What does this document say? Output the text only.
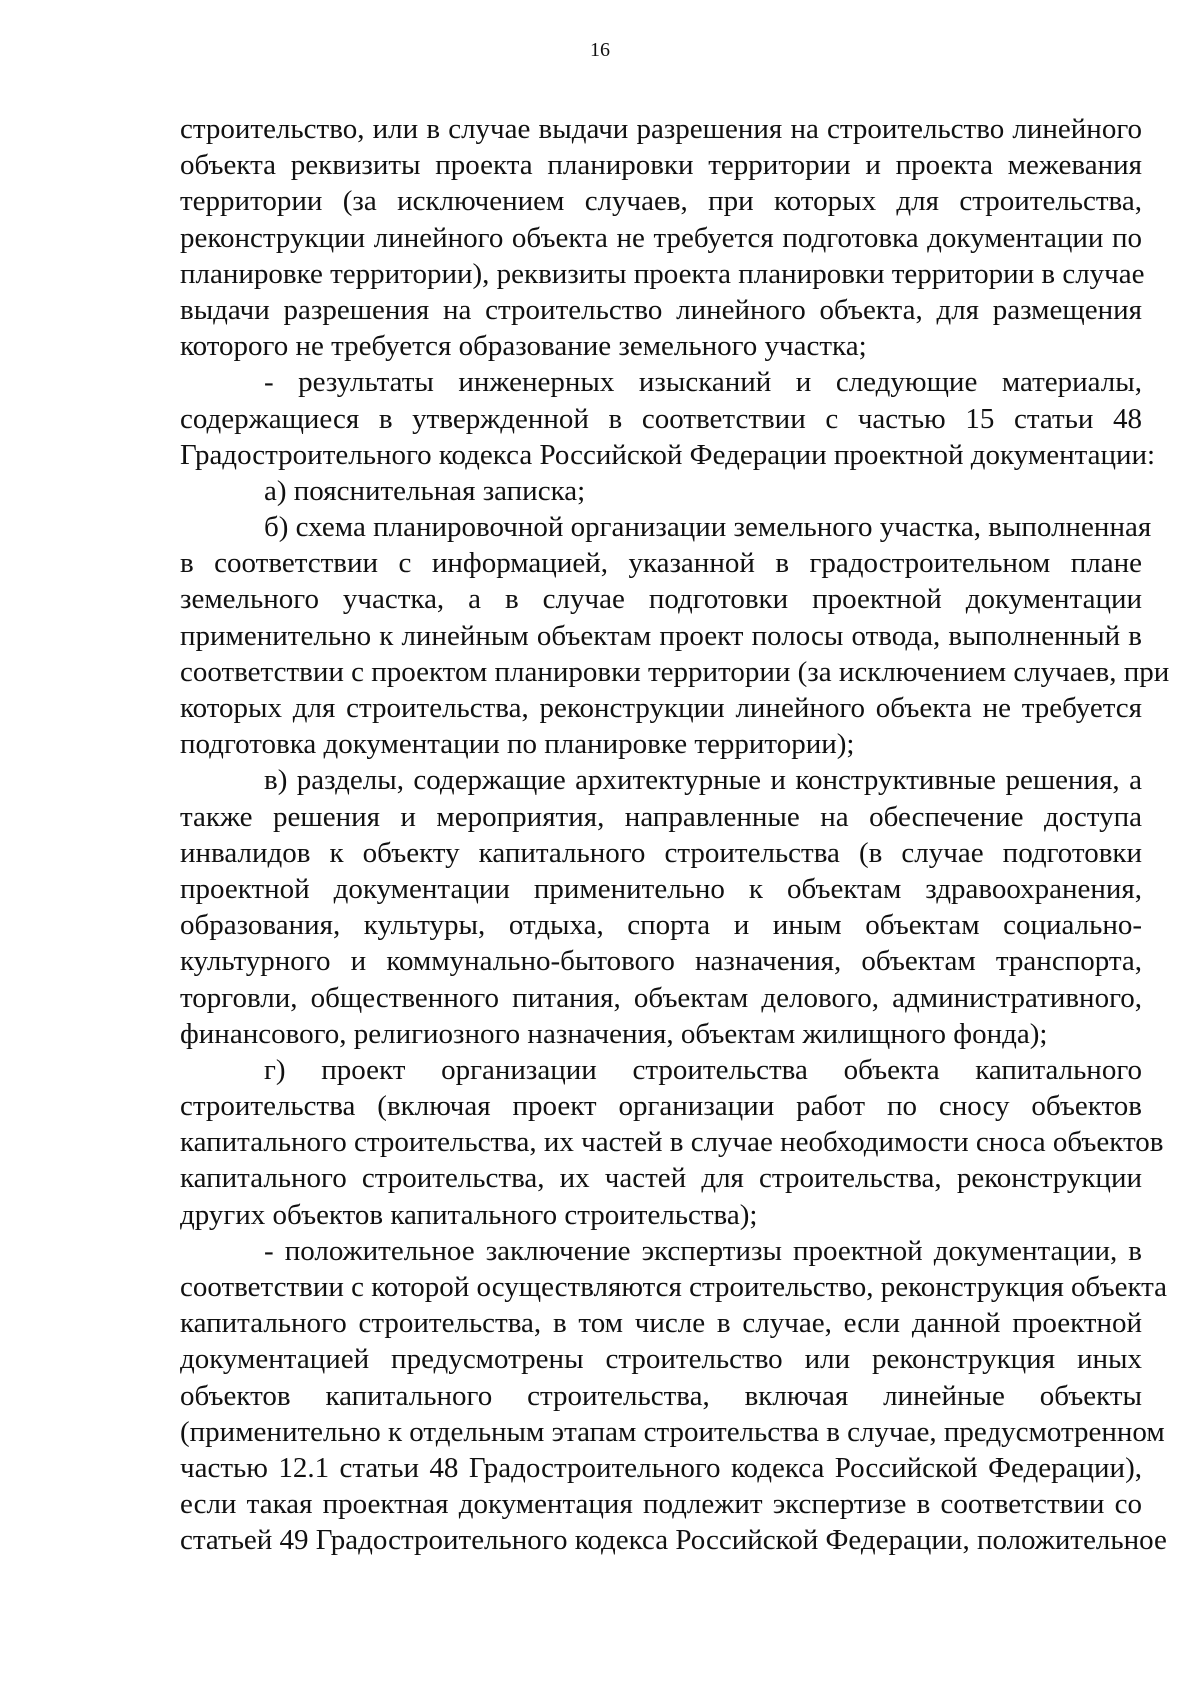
16
строительство, или в случае выдачи разрешения на строительство линейного
объекта реквизиты проекта планировки территории и проекта межевания
территории (за исключением случаев, при которых для строительства,
реконструкции линейного объекта не требуется подготовка документации по
планировке территории), реквизиты проекта планировки территории в случае
выдачи разрешения на строительство линейного объекта, для размещения
которого не требуется образование земельного участка;
- результаты инженерных изысканий и следующие материалы,
содержащиеся в утвержденной в соответствии с частью 15 статьи 48
Градостроительного кодекса Российской Федерации проектной документации:
а) пояснительная записка;
б) схема планировочной организации земельного участка, выполненная
в соответствии с информацией, указанной в градостроительном плане
земельного участка, а в случае подготовки проектной документации
применительно к линейным объектам проект полосы отвода, выполненный в
соответствии с проектом планировки территории (за исключением случаев, при
которых для строительства, реконструкции линейного объекта не требуется
подготовка документации по планировке территории);
в) разделы, содержащие архитектурные и конструктивные решения, а
также решения и мероприятия, направленные на обеспечение доступа
инвалидов к объекту капитального строительства (в случае подготовки
проектной документации применительно к объектам здравоохранения,
образования, культуры, отдыха, спорта и иным объектам социально-
культурного и коммунально-бытового назначения, объектам транспорта,
торговли, общественного питания, объектам делового, административного,
финансового, религиозного назначения, объектам жилищного фонда);
г) проект организации строительства объекта капитального
строительства (включая проект организации работ по сносу объектов
капитального строительства, их частей в случае необходимости сноса объектов
капитального строительства, их частей для строительства, реконструкции
других объектов капитального строительства);
- положительное заключение экспертизы проектной документации, в
соответствии с которой осуществляются строительство, реконструкция объекта
капитального строительства, в том числе в случае, если данной проектной
документацией предусмотрены строительство или реконструкция иных
объектов капитального строительства, включая линейные объекты
(применительно к отдельным этапам строительства в случае, предусмотренном
частью 12.1 статьи 48 Градостроительного кодекса Российской Федерации),
если такая проектная документация подлежит экспертизе в соответствии со
статьей 49 Градостроительного кодекса Российской Федерации, положительное
